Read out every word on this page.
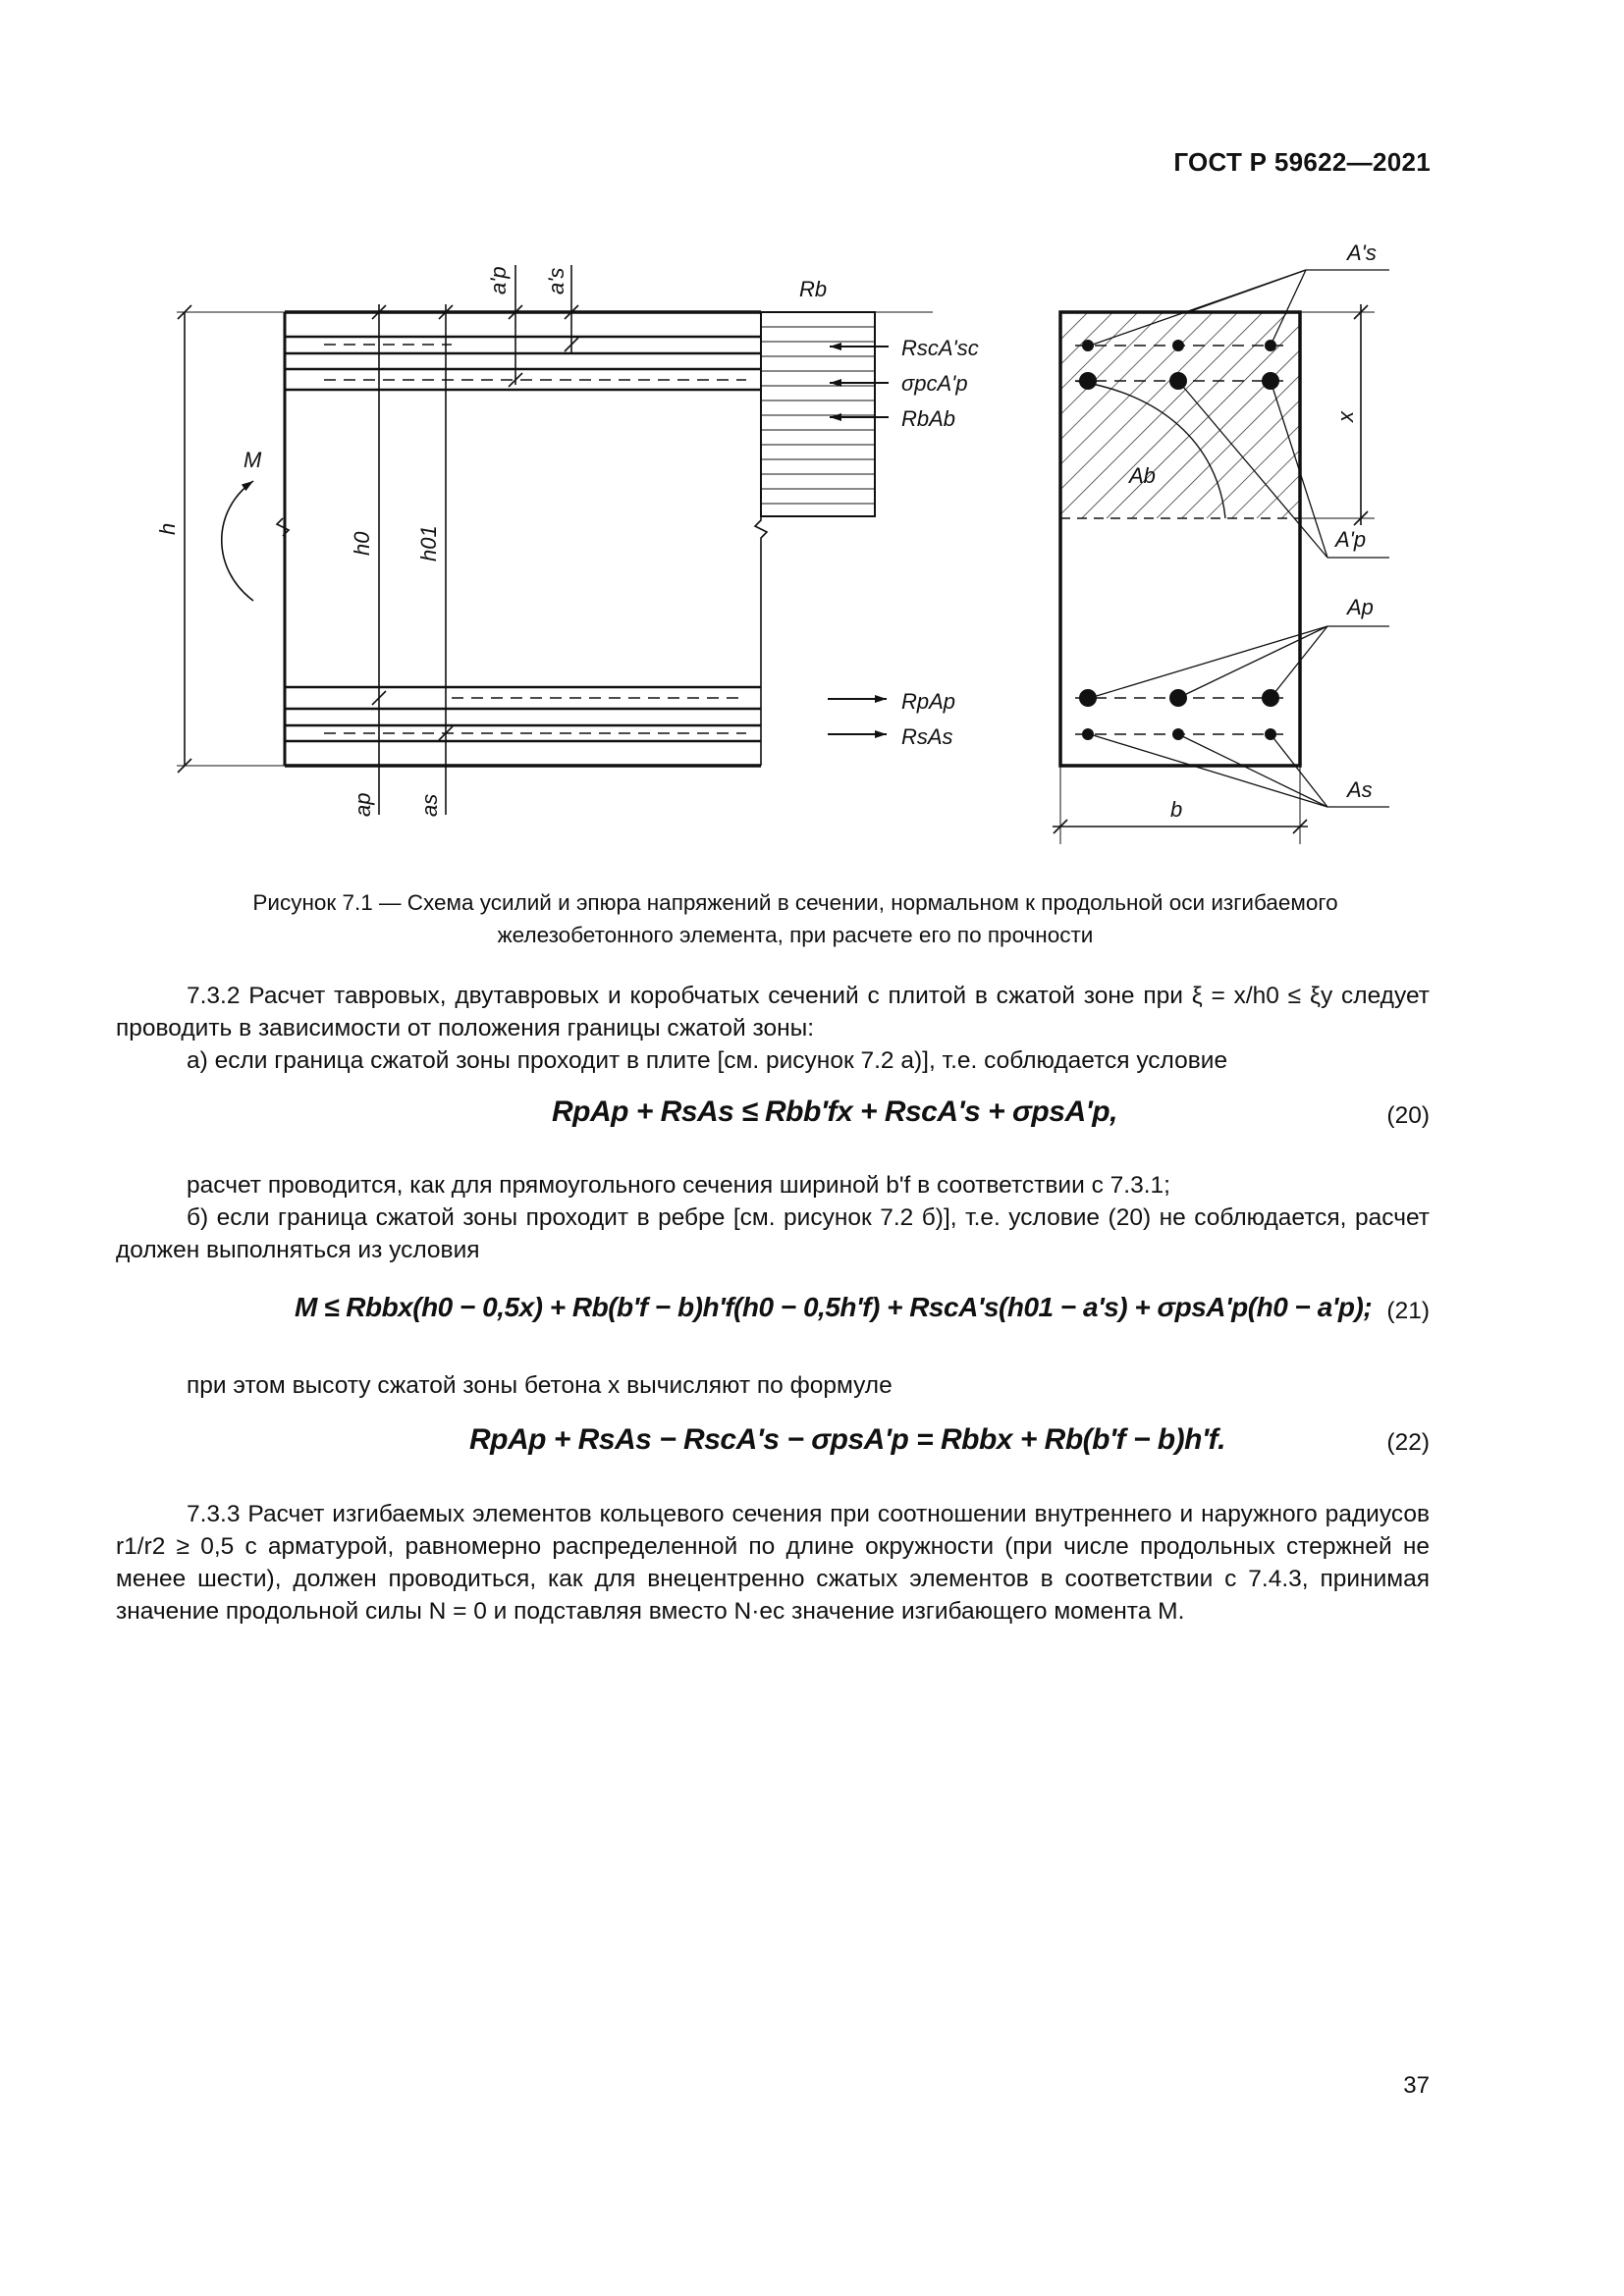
ГОСТ Р 59622—2021
a'p a's	Rb
RscA'sc
σpcA'p
RbAb
M
h
h0 h01
RpAp
RsAs
ap as
A's
A'p
Ab
x
Ap
As
b
Рисунок 7.1 — Схема усилий и эпюра напряжений в сечении, нормальном к продольной оси изгибаемого
железобетонного элемента, при расчете его по прочности
7.3.2 Расчет тавровых, двутавровых и коробчатых сечений с плитой в сжатой зоне при ξ = x/h0 ≤ ξy следует проводить в зависимости от положения границы сжатой зоны:
а) если граница сжатой зоны проходит в плите [см. рисунок 7.2 а)], т.е. соблюдается условие
RpAp + RsAs ≤ Rbb'fx + RscA's + σpsA'p,	(20)
расчет проводится, как для прямоугольного сечения шириной b'f в соответствии с 7.3.1;
б) если граница сжатой зоны проходит в ребре [см. рисунок 7.2 б)], т.е. условие (20) не соблюдается, расчет должен выполняться из условия
M ≤ Rbbx(h0 − 0,5x) + Rb(b'f − b)h'f(h0 − 0,5h'f) + RscA's(h01 − a's) + σpsA'p(h0 − a'p); (21)
при этом высоту сжатой зоны бетона x вычисляют по формуле
RpAp + RsAs − RscA's − σpsA'p = Rbbx + Rb(b'f − b)h'f.	(22)
7.3.3 Расчет изгибаемых элементов кольцевого сечения при соотношении внутреннего и наружного радиусов r1/r2 ≥ 0,5 с арматурой, равномерно распределенной по длине окружности (при числе продольных стержней не менее шести), должен проводиться, как для внецентренно сжатых элементов в соответствии с 7.4.3, принимая значение продольной силы N = 0 и подставляя вместо N·ec значение изгибающего момента M.
37
